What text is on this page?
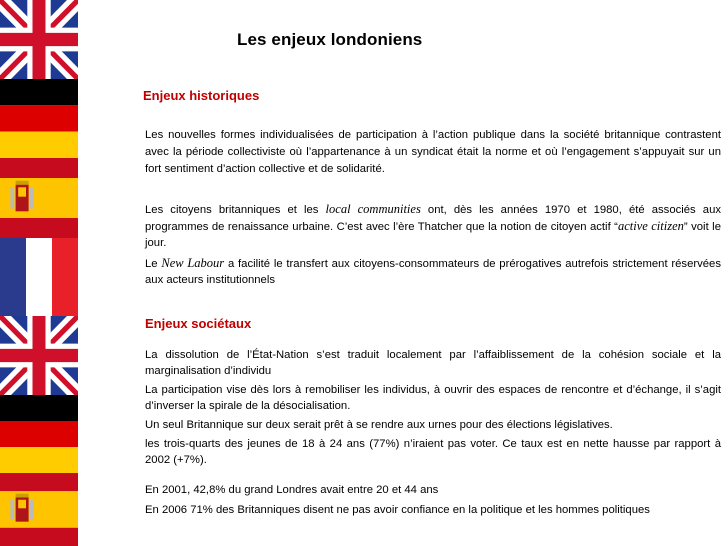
Les enjeux londoniens
Enjeux historiques

Les nouvelles formes individualisées de participation à l’action publique dans la société britannique contrastent avec la période collectiviste où l’appartenance à un syndicat était la norme et où l’engagement s’appuyait sur un fort sentiment d’action collective et de solidarité.

Les citoyens britanniques et les local communities ont, dès les années 1970 et 1980, été associés aux programmes de renaissance urbaine. C’est avec l’ère Thatcher que la notion de citoyen actif “active citizen” voit le jour.

Le New Labour a facilité le transfert aux citoyens-consommateurs de prérogatives autrefois strictement réservées aux acteurs institutionnels

Enjeux sociétaux

La dissolution de l’État-Nation s’est traduit localement par l’affaiblissement de la cohésion sociale et la marginalisation d’individu

La participation vise dès lors à remobiliser les individus, à ouvrir des espaces de rencontre et d’échange, il s’agit d’inverser la spirale de la désocialisation.

Un seul Britannique sur deux serait prêt à se rendre aux urnes pour des élections législatives.

les trois-quarts des jeunes de 18 à 24 ans (77%) n’iraient pas voter. Ce taux est en nette hausse par rapport à 2002 (+7%).

En 2001, 42,8% du grand Londres avait entre 20 et 44 ans

En 2006 71% des Britanniques disent ne pas avoir confiance en la politique et les hommes politiques
